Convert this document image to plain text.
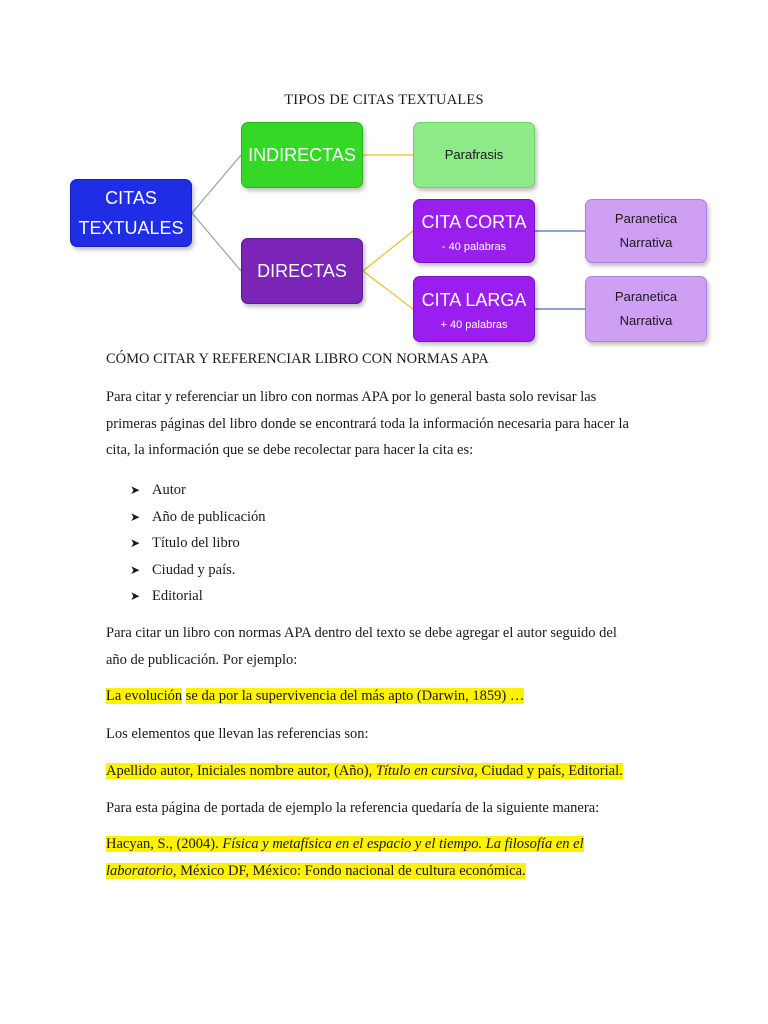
TIPOS DE CITAS TEXTUALES
CITAS
TEXTUALES
INDIRECTAS	Parafrasis
DIRECTAS
CITA CORTA
- 40 palabras
CITA LARGA
+ 40 palabras
Paranetica
Narrativa
Paranetica
Narrativa
CÓMO CITAR Y REFERENCIAR LIBRO CON NORMAS APA
Para citar y referenciar un libro con normas APA por lo general basta solo revisar las
primeras páginas del libro donde se encontrará toda la información necesaria para hacer la
cita, la información que se debe recolectar para hacer la cita es:
➤ Autor
➤ Año de publicación
➤ Título del libro
➤ Ciudad y país.
➤ Editorial
Para citar un libro con normas APA dentro del texto se debe agregar el autor seguido del
año de publicación. Por ejemplo:
La evolución se da por la supervivencia del más apto (Darwin, 1859) …
Los elementos que llevan las referencias son:
Apellido autor, Iniciales nombre autor, (Año), Título en cursiva, Ciudad y país, Editorial.
Para esta página de portada de ejemplo la referencia quedaría de la siguiente manera:
Hacyan, S., (2004). Física y metafísica en el espacio y el tiempo. La filosofía en el
laboratorio, México DF, México: Fondo nacional de cultura económica.
